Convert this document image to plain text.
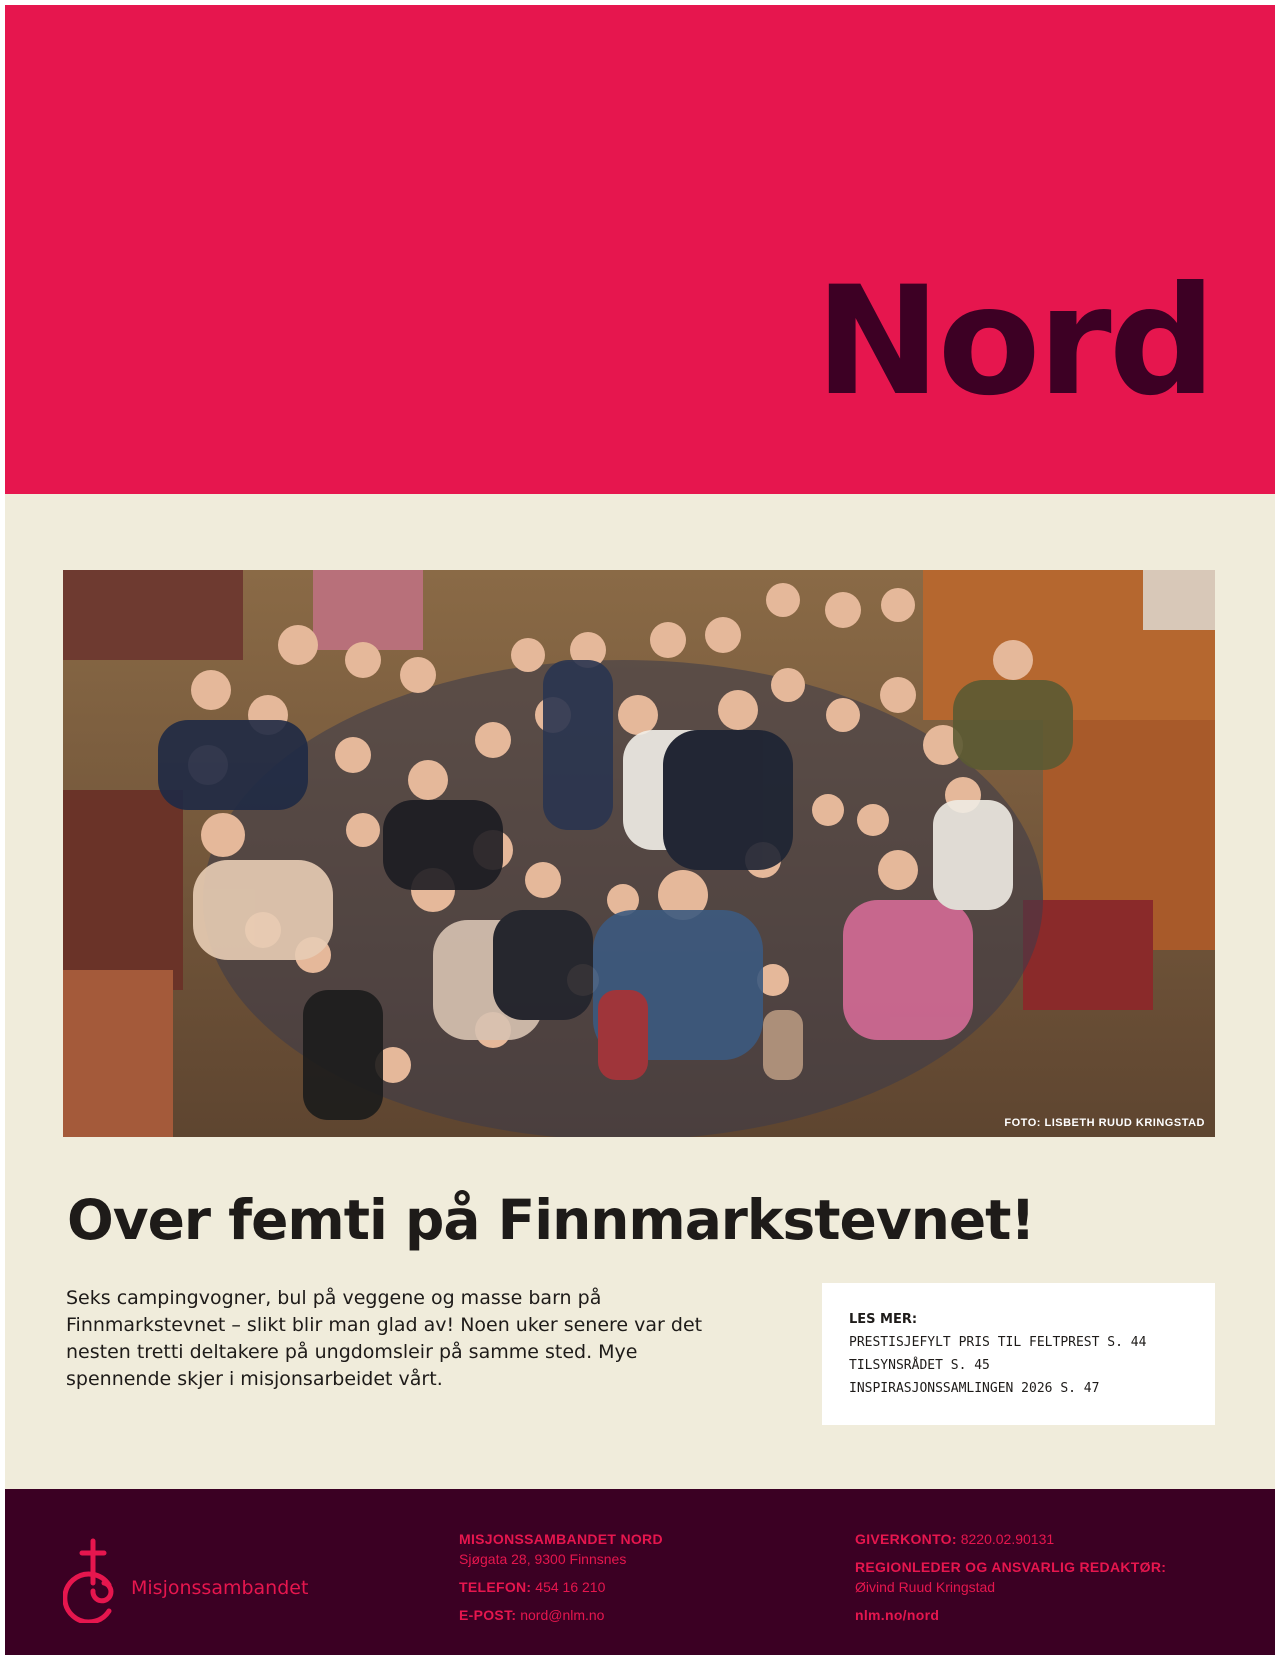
Nord
FOTO: LISBETH RUUD KRINGSTAD
Over femti på Finnmarkstevnet!

Seks campingvogner, bul på veggene og masse barn på Finnmarkstevnet – slikt blir man glad av! Noen uker senere var det nesten tretti deltakere på ungdomsleir på samme sted. Mye spennende skjer i misjonsarbeidet vårt.

LES MER:
PRESTISJEFYLT PRIS TIL FELTPREST S. 44
TILSYNSRÅDET S. 45
INSPIRASJONSSAMLINGEN 2026 S. 47
Misjonssambandet
MISJONSSAMBANDET NORD
Sjøgata 28, 9300 Finnsnes
TELEFON: 454 16 210
E-POST: nord@nlm.no
GIVERKONTO: 8220.02.90131
REGIONLEDER OG ANSVARLIG REDAKTØR:
Øivind Ruud Kringstad
nlm.no/nord
